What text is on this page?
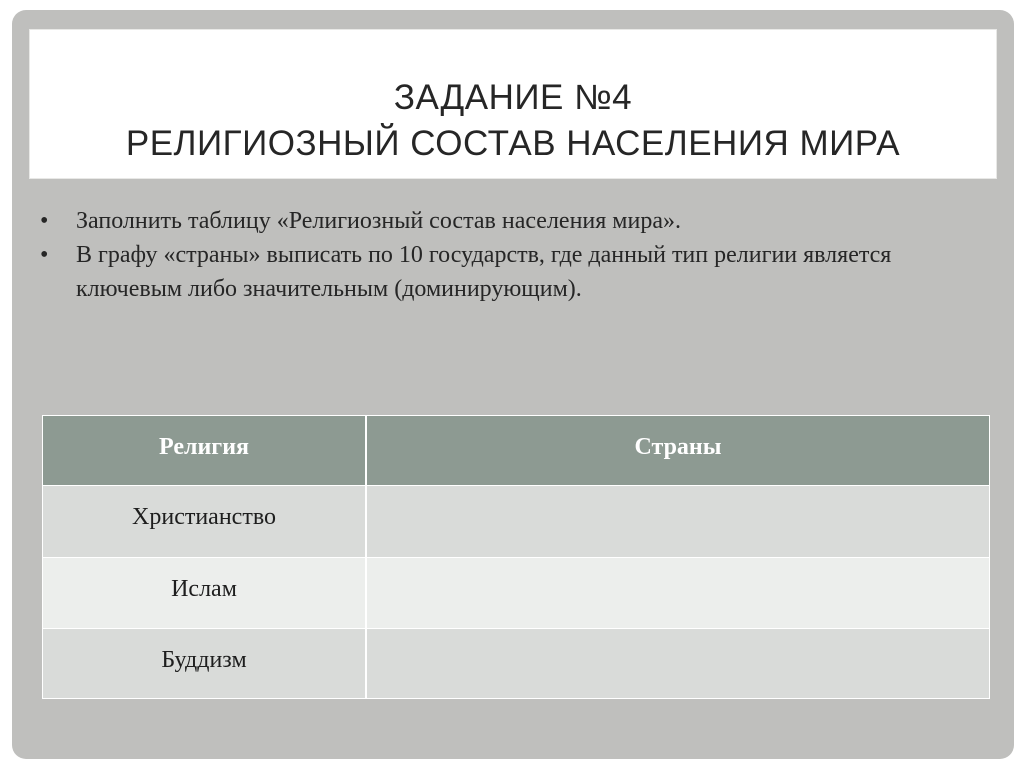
ЗАДАНИЕ №4
РЕЛИГИОЗНЫЙ СОСТАВ НАСЕЛЕНИЯ МИРА
• Заполнить таблицу «Религиозный состав населения мира».
• В графу «страны» выписать по 10 государств, где данный тип религии является ключевым либо значительным (доминирующим).
Религия	Страны
Христианство
Ислам
Буддизм
